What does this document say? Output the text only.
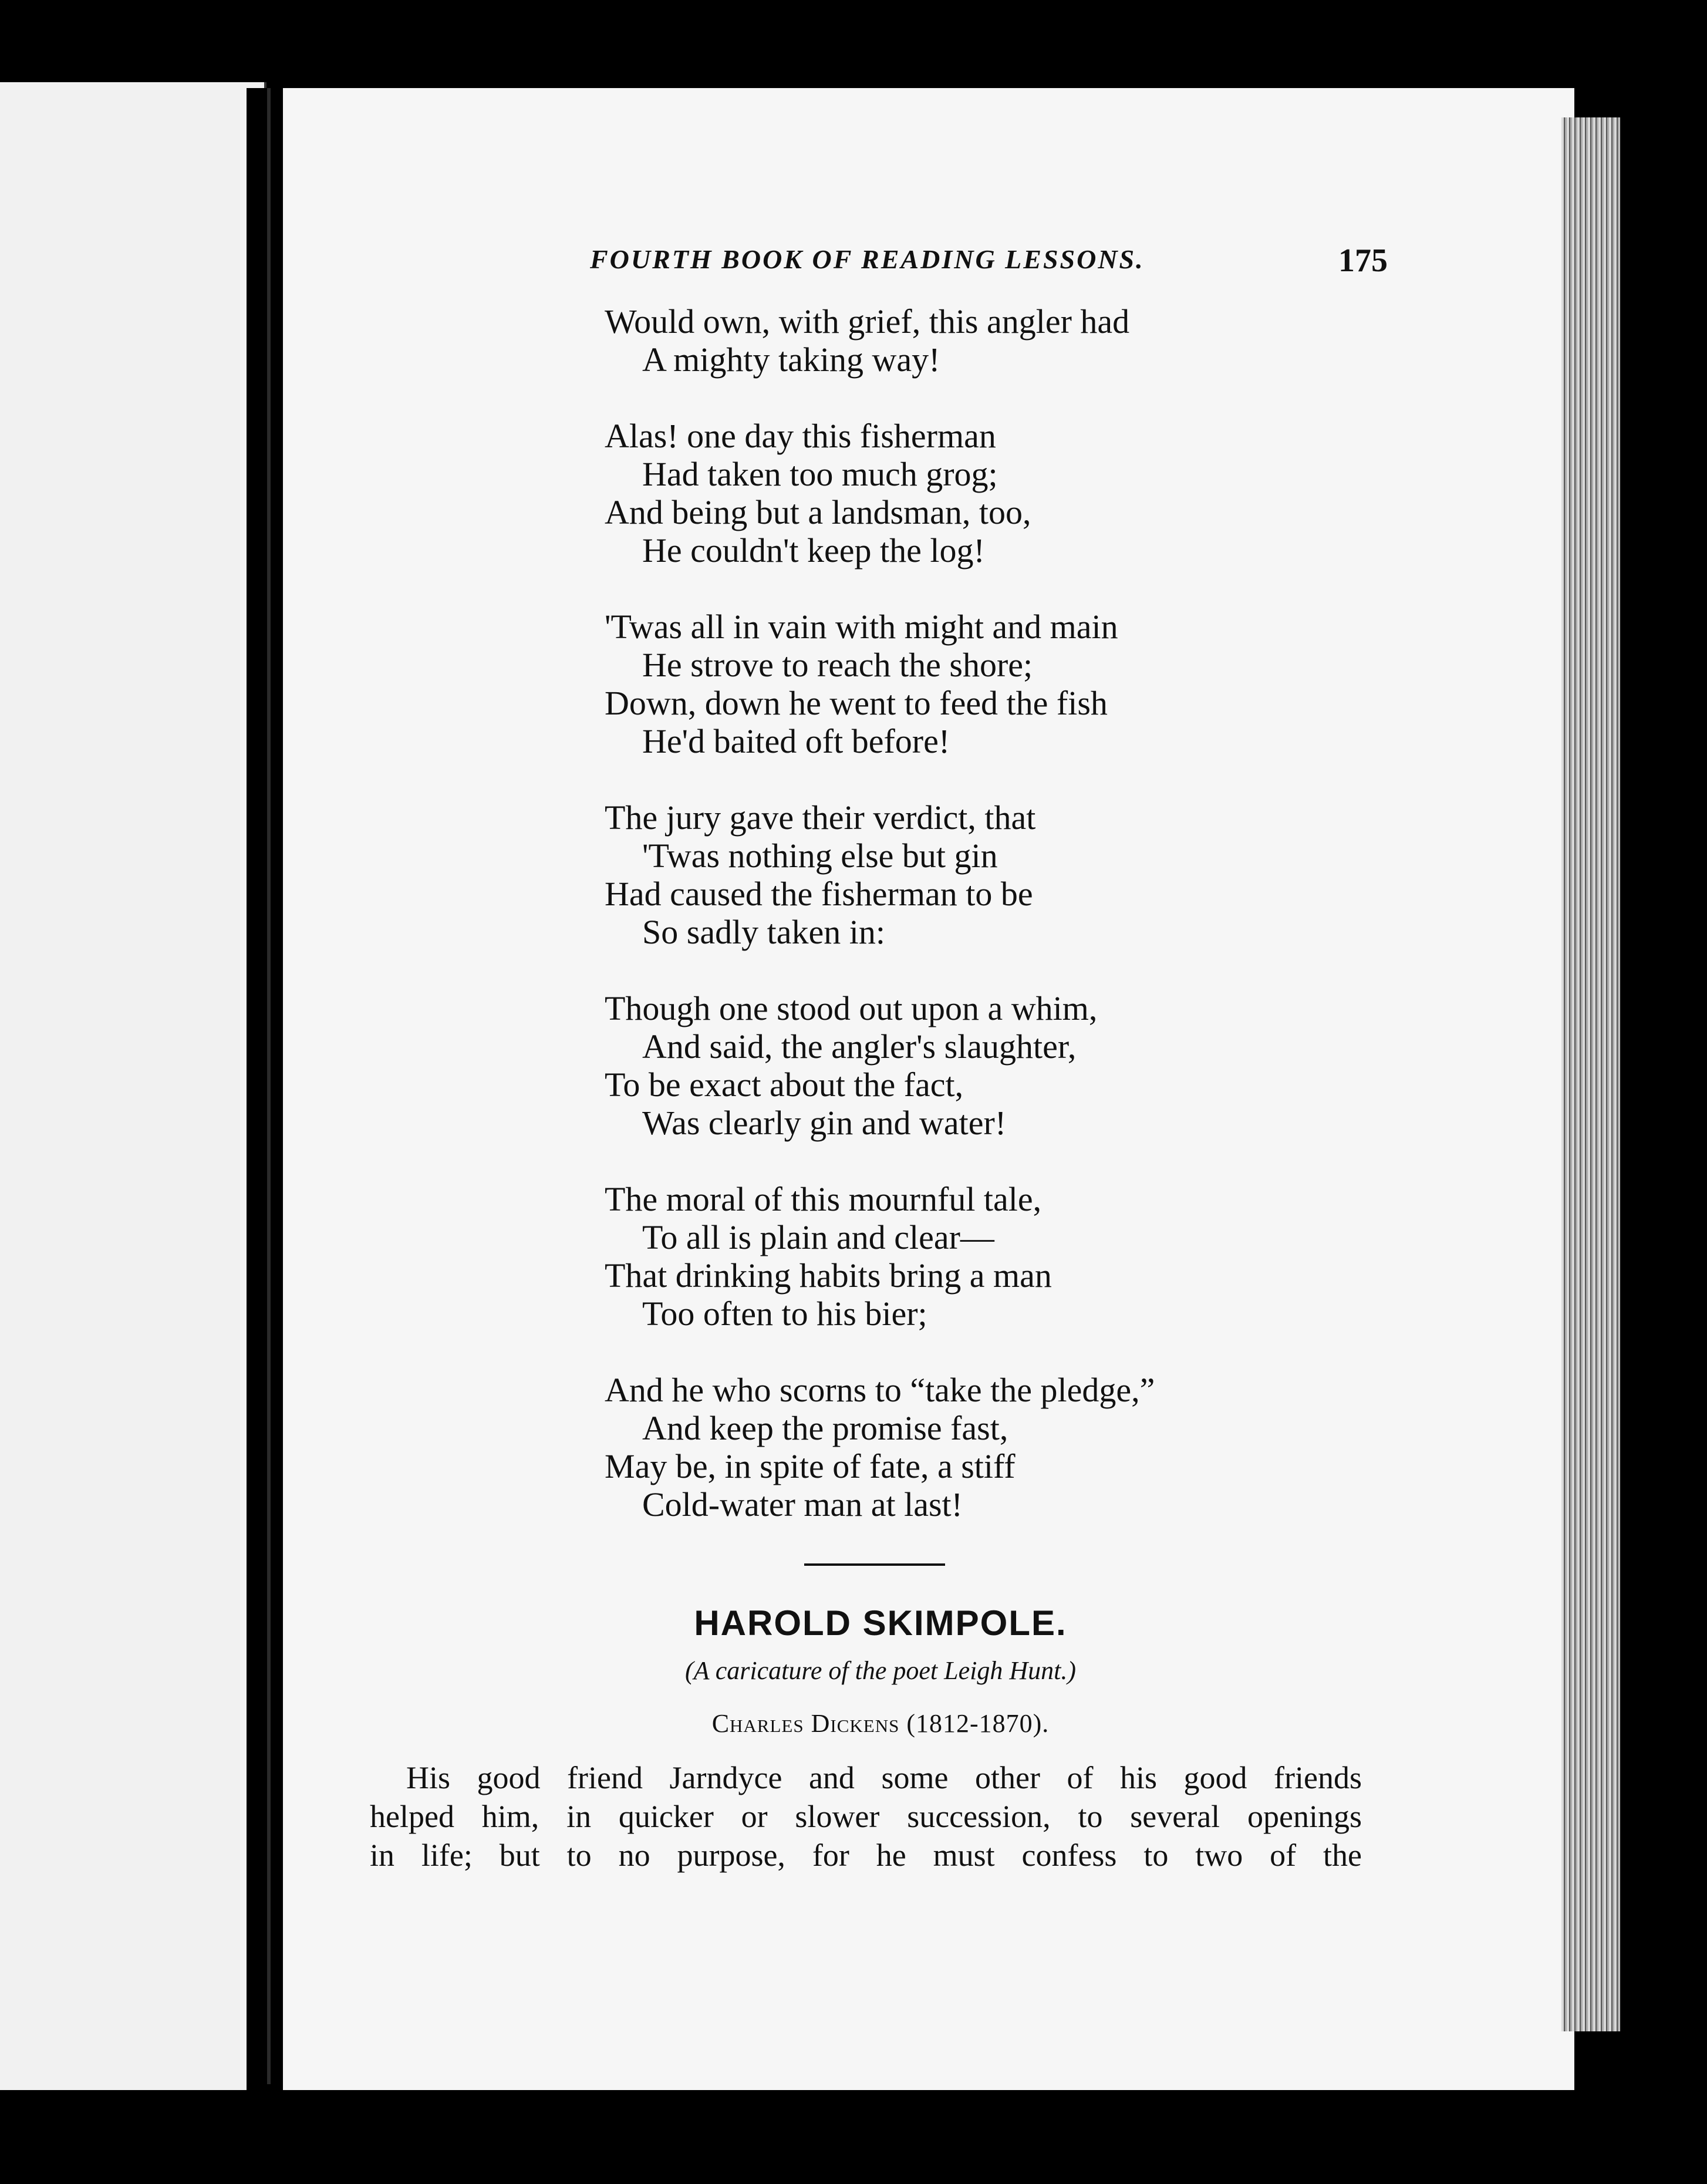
FOURTH BOOK OF READING LESSONS.	175
Would own, with grief, this angler had
A mighty taking way!
Alas! one day this fisherman
Had taken too much grog;
And being but a landsman, too,
He couldn't keep the log!
'Twas all in vain with might and main
He strove to reach the shore;
Down, down he went to feed the fish
He'd baited oft before!
The jury gave their verdict, that
'Twas nothing else but gin
Had caused the fisherman to be
So sadly taken in:
Though one stood out upon a whim,
And said, the angler's slaughter,
To be exact about the fact,
Was clearly gin and water!
The moral of this mournful tale,
To all is plain and clear—
That drinking habits bring a man
Too often to his bier;
And he who scorns to “take the pledge,”
And keep the promise fast,
May be, in spite of fate, a stiff
Cold-water man at last!
HAROLD SKIMPOLE.
(A caricature of the poet Leigh Hunt.)
Charles Dickens (1812-1870).
His good friend Jarndyce and some other of his good friends
helped him, in quicker or slower succession, to several openings
in life; but to no purpose, for he must confess to two of the
